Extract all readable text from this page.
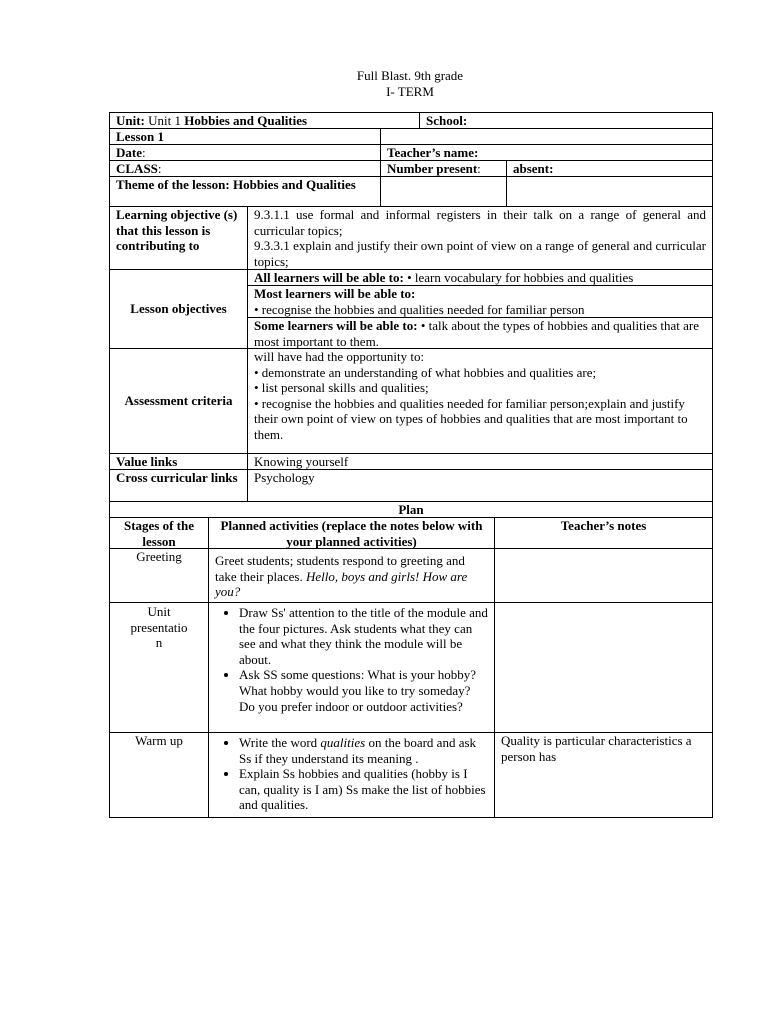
Full Blast. 9th grade
I- TERM
Unit: Unit 1 Hobbies and Qualities	School:
Lesson 1
Date:	Teacher’s name:
CLASS:	Number present:	absent:
Theme of the lesson: Hobbies and Qualities
Learning objective (s) that this lesson is contributing to
9.3.1.1 use formal and informal registers in their talk on a range of general and curricular topics;
9.3.3.1 explain and justify their own point of view on a range of general and curricular topics;
Lesson objectives
All learners will be able to: • learn vocabulary for hobbies and qualities
Most learners will be able to:
• recognise the hobbies and qualities needed for familiar person
Some learners will be able to: • talk about the types of hobbies and qualities that are most important to them.
Assessment criteria
will have had the opportunity to:
• demonstrate an understanding of what hobbies and qualities are;
• list personal skills and qualities;
• recognise the hobbies and qualities needed for familiar person;explain and justify their own point of view on types of hobbies and qualities that are most important to them.
Value links	Knowing yourself
Cross curricular links	Psychology
Plan
Stages of the lesson
Planned activities (replace the notes below with your planned activities)
Teacher’s notes
Greeting	Greet students; students respond to greeting and take their places. Hello, boys and girls! How are you?
Unit presentatio n
• Draw Ss' attention to the title of the module and the four pictures. Ask students what they can see and what they think the module will be about.
• Ask SS some questions: What is your hobby? What hobby would you like to try someday? Do you prefer indoor or outdoor activities?
Warm up
•	Write the word qualities on the board and ask Ss if they understand its meaning .
• Explain Ss hobbies and qualities (hobby is I can, quality is I am) Ss make the list of hobbies and qualities.
Quality is particular characteristics a person has
